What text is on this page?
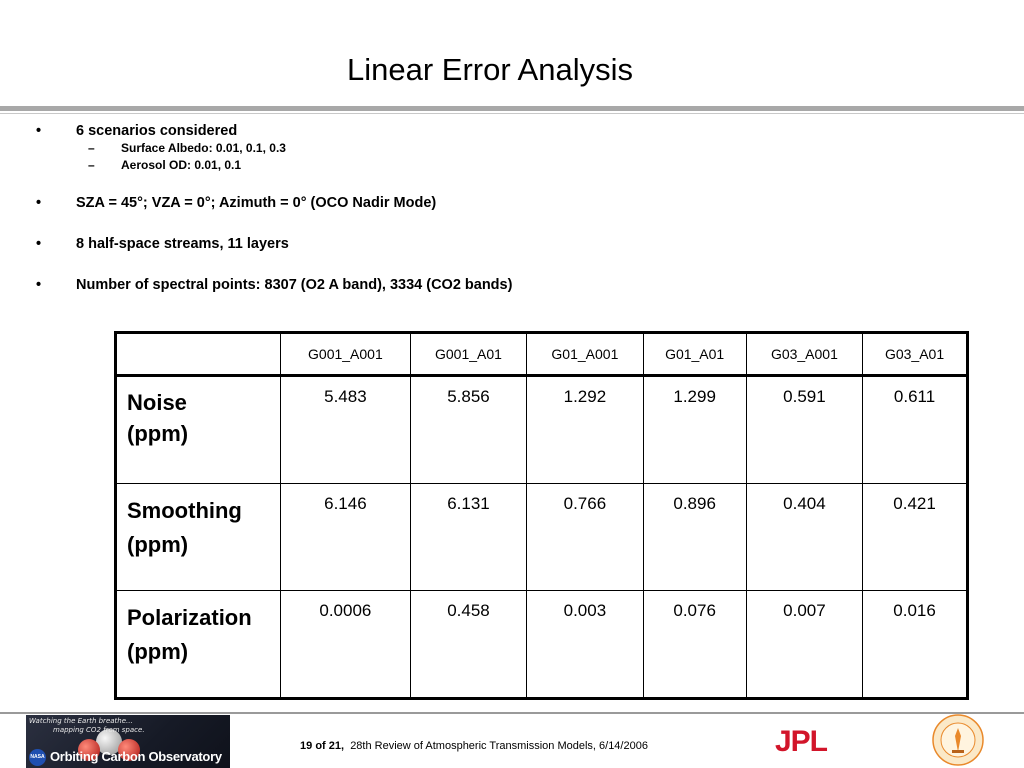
Linear Error Analysis
• 6 scenarios considered
– Surface Albedo: 0.01, 0.1, 0.3
– Aerosol OD: 0.01, 0.1
• SZA = 45°; VZA = 0°; Azimuth = 0° (OCO Nadir Mode)
• 8 half-space streams, 11 layers
• Number of spectral points: 8307 (O2 A band), 3334 (CO2 bands)
	G001_A001	G001_A01	G01_A001	G01_A01	G03_A001	G03_A01
Noise
(ppm)	5.483	5.856	1.292	1.299	0.591	0.611
Smoothing
(ppm)	6.146	6.131	0.766	0.896	0.404	0.421
Polarization
(ppm)	0.0006	0.458	0.003	0.076	0.007	0.016
Watching the Earth breathe...
mapping CO2 from space.
NASA Orbiting Carbon Observatory
19 of 21, 28th Review of Atmospheric Transmission Models, 6/14/2006	JPL
